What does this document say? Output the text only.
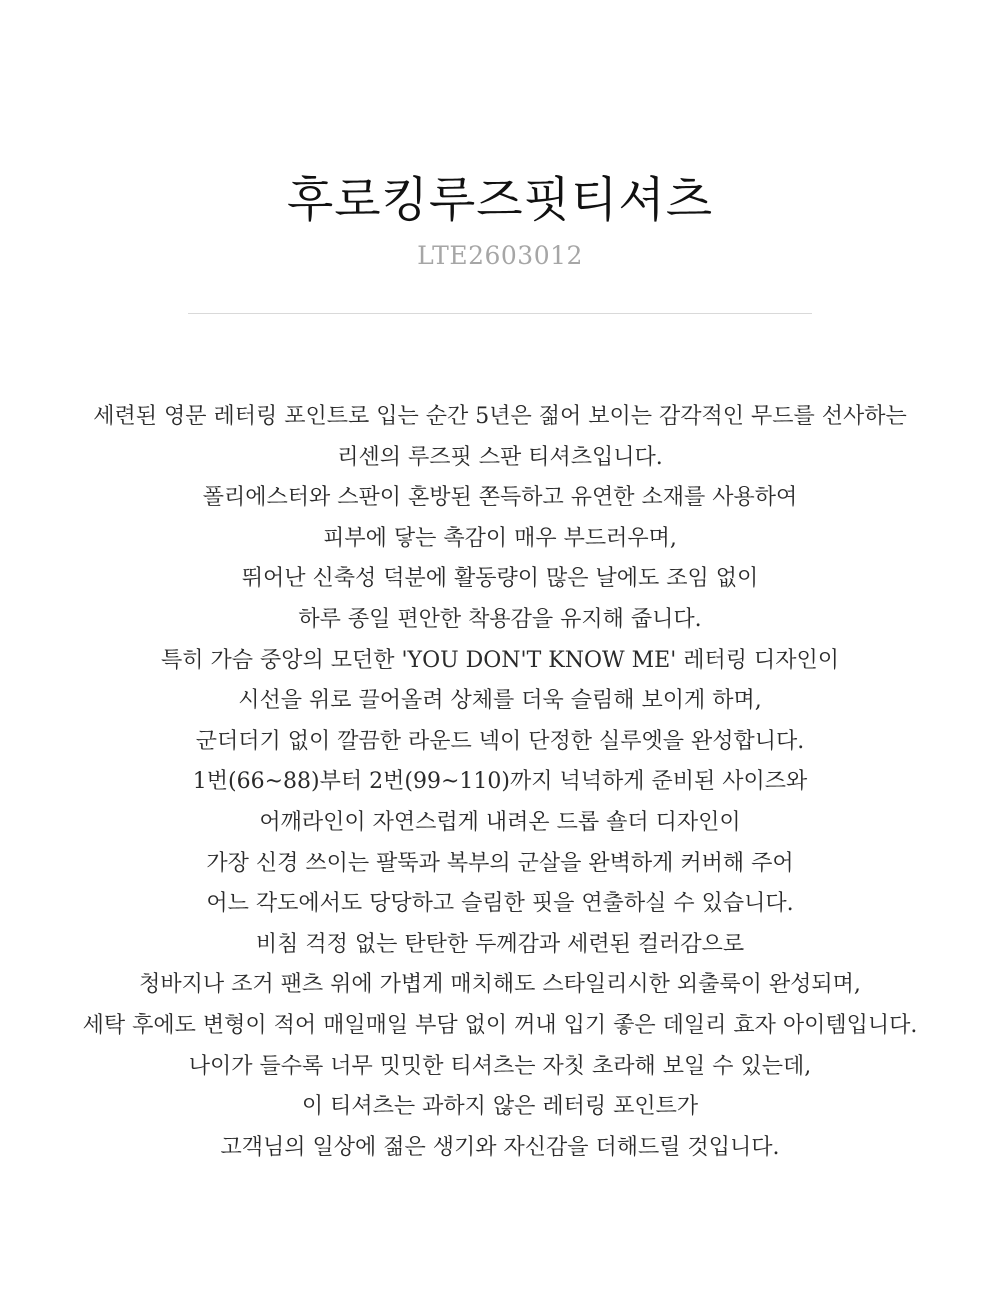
후로킹루즈핏티셔츠
LTE2603012
세련된 영문 레터링 포인트로 입는 순간 5년은 젊어 보이는 감각적인 무드를 선사하는
리센의 루즈핏 스판 티셔츠입니다.
폴리에스터와 스판이 혼방된 쫀득하고 유연한 소재를 사용하여
피부에 닿는 촉감이 매우 부드러우며,
뛰어난 신축성 덕분에 활동량이 많은 날에도 조임 없이
하루 종일 편안한 착용감을 유지해 줍니다.
특히 가슴 중앙의 모던한 'YOU DON'T KNOW ME' 레터링 디자인이
시선을 위로 끌어올려 상체를 더욱 슬림해 보이게 하며,
군더더기 없이 깔끔한 라운드 넥이 단정한 실루엣을 완성합니다.
1번(66~88)부터 2번(99~110)까지 넉넉하게 준비된 사이즈와
어깨라인이 자연스럽게 내려온 드롭 숄더 디자인이
가장 신경 쓰이는 팔뚝과 복부의 군살을 완벽하게 커버해 주어
어느 각도에서도 당당하고 슬림한 핏을 연출하실 수 있습니다.
비침 걱정 없는 탄탄한 두께감과 세련된 컬러감으로
청바지나 조거 팬츠 위에 가볍게 매치해도 스타일리시한 외출룩이 완성되며,
세탁 후에도 변형이 적어 매일매일 부담 없이 꺼내 입기 좋은 데일리 효자 아이템입니다.
나이가 들수록 너무 밋밋한 티셔츠는 자칫 초라해 보일 수 있는데,
이 티셔츠는 과하지 않은 레터링 포인트가
고객님의 일상에 젊은 생기와 자신감을 더해드릴 것입니다.
